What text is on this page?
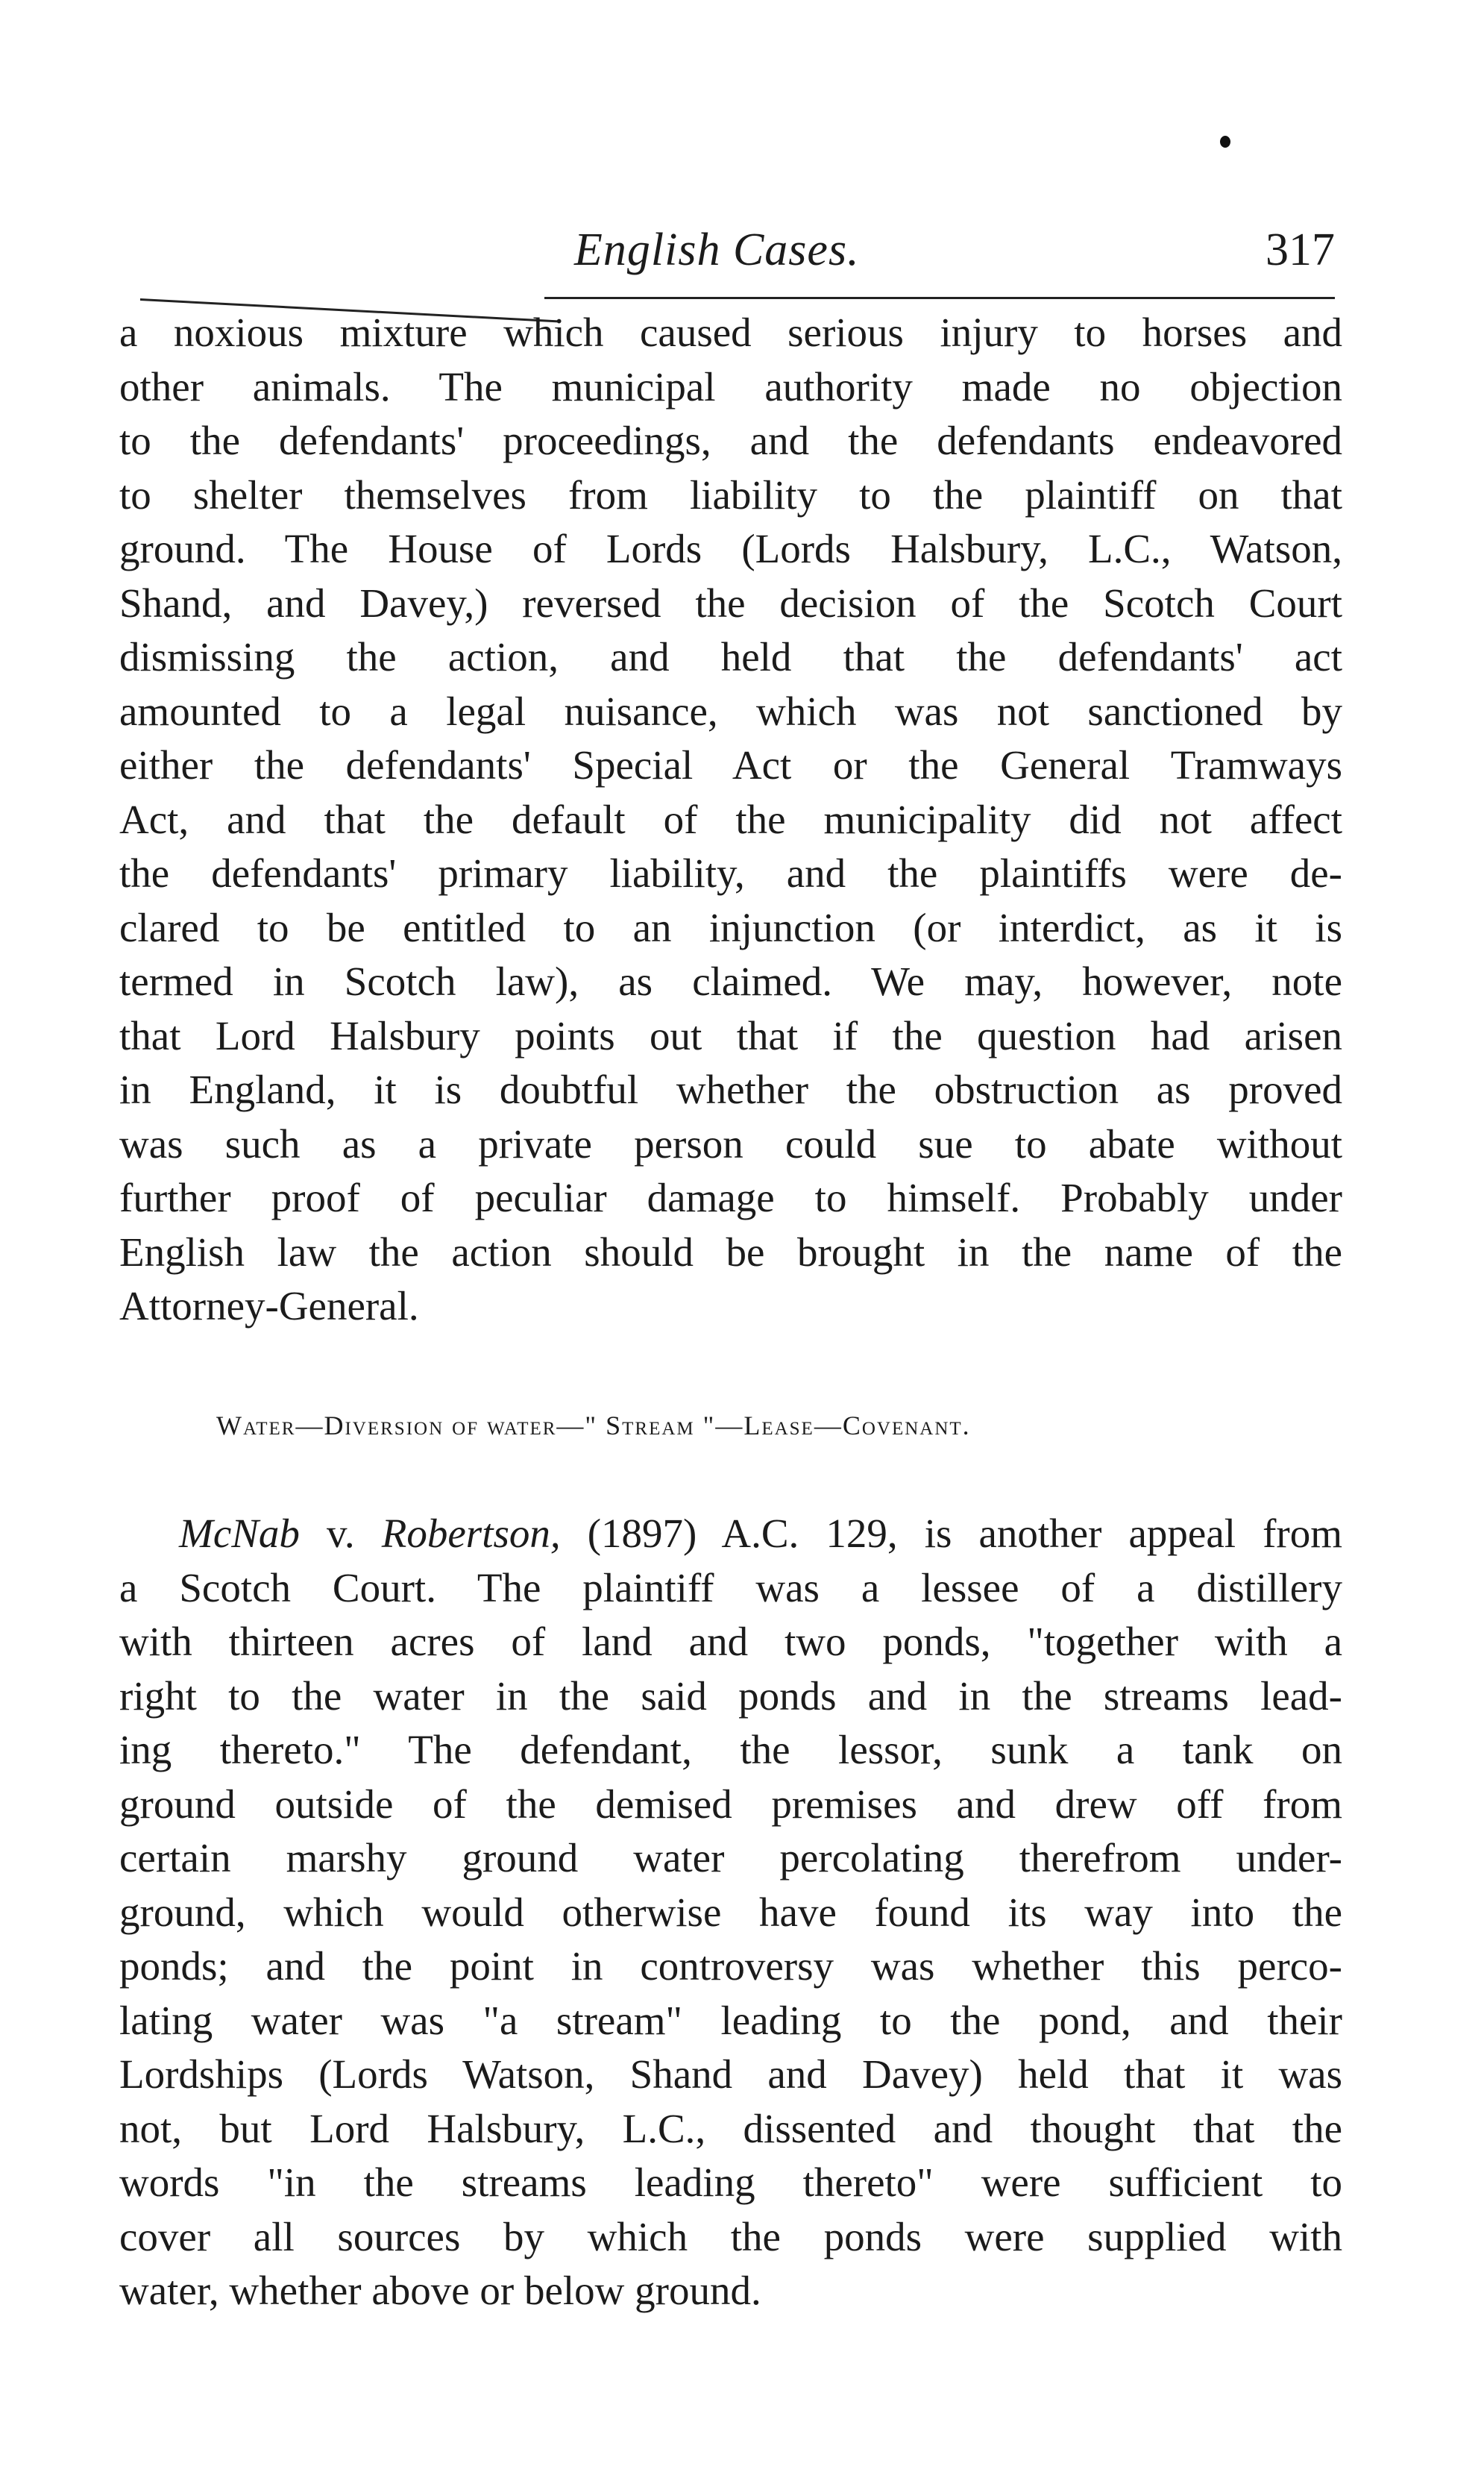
English Cases.	317
a noxious mixture which caused serious injury to horses and
other animals. The municipal authority made no objection
to the defendants' proceedings, and the defendants endeavored
to shelter themselves from liability to the plaintiff on that
ground. The House of Lords (Lords Halsbury, L.C., Watson,
Shand, and Davey,) reversed the decision of the Scotch Court
dismissing the action, and held that the defendants' act
amounted to a legal nuisance, which was not sanctioned by
either the defendants' Special Act or the General Tramways
Act, and that the default of the municipality did not affect
the defendants' primary liability, and the plaintiffs were de-
clared to be entitled to an injunction (or interdict, as it is
termed in Scotch law), as claimed. We may, however, note
that Lord Halsbury points out that if the question had arisen
in England, it is doubtful whether the obstruction as proved
was such as a private person could sue to abate without
further proof of peculiar damage to himself. Probably under
English law the action should be brought in the name of the
Attorney-General.
Water—Diversion of water—" Stream "—Lease—Covenant.
McNab v. Robertson, (1897) A.C. 129, is another appeal from
a Scotch Court. The plaintiff was a lessee of a distillery
with thirteen acres of land and two ponds, "together with a
right to the water in the said ponds and in the streams lead-
ing thereto." The defendant, the lessor, sunk a tank on
ground outside of the demised premises and drew off from
certain marshy ground water percolating therefrom under-
ground, which would otherwise have found its way into the
ponds; and the point in controversy was whether this perco-
lating water was "a stream" leading to the pond, and their
Lordships (Lords Watson, Shand and Davey) held that it was
not, but Lord Halsbury, L.C., dissented and thought that the
words "in the streams leading thereto" were sufficient to
cover all sources by which the ponds were supplied with
water, whether above or below ground.
